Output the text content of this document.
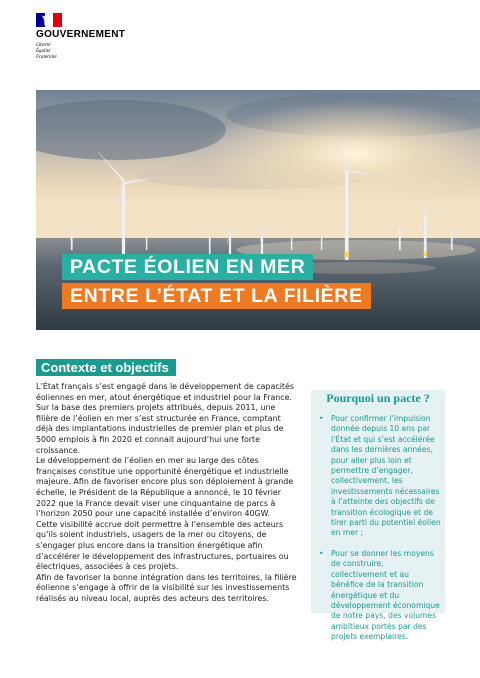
GOUVERNEMENT
Liberté
Égalité
Fraternité
PACTE ÉOLIEN EN MER
ENTRE L’ÉTAT ET LA FILIÈRE
Contexte et objectifs

L’État français s’est engagé dans le développement de capacités éoliennes en mer, atout énergétique et industriel pour la France.

Sur la base des premiers projets attribués, depuis 2011, une filière de l’éolien en mer s’est structurée en France, comptant déjà des implantations industrielles de premier plan et plus de 5000 emplois à fin 2020 et connait aujourd’hui une forte croissance.

Le développement de l’éolien en mer au large des côtes françaises constitue une opportunité énergétique et industrielle majeure. Afin de favoriser encore plus son déploiement à grande échelle, le Président de la République a annoncé, le 10 février 2022 que la France devait viser une cinquantaine de parcs à l’horizon 2050 pour une capacité installée d’environ 40GW.

Cette visibilité accrue doit permettre à l’ensemble des acteurs qu’ils soient industriels, usagers de la mer ou citoyens, de s’engager plus encore dans la transition énergétique afin d’accélérer le développement des infrastructures, portuaires ou électriques, associées à ces projets.

Afin de favoriser la bonne intégration dans les territoires, la filière éolienne s’engage à offrir de la visibilité sur les investissements réalisés au niveau local, auprès des acteurs des territoires.

Pourquoi un pacte ?
• Pour confirmer l’impulsion donnée depuis 10 ans par l’État et qui s’est accélérée dans les dernières années, pour aller plus loin et permettre d’engager, collectivement, les investissements nécessaires à l’atteinte des objectifs de transition écologique et de tirer parti du potentiel éolien en mer ;
• Pour se donner les moyens de construire, collectivement et au bénéfice de la transition énergétique et du développement économique de notre pays, des volumes ambitieux portés par des projets exemplaires.
